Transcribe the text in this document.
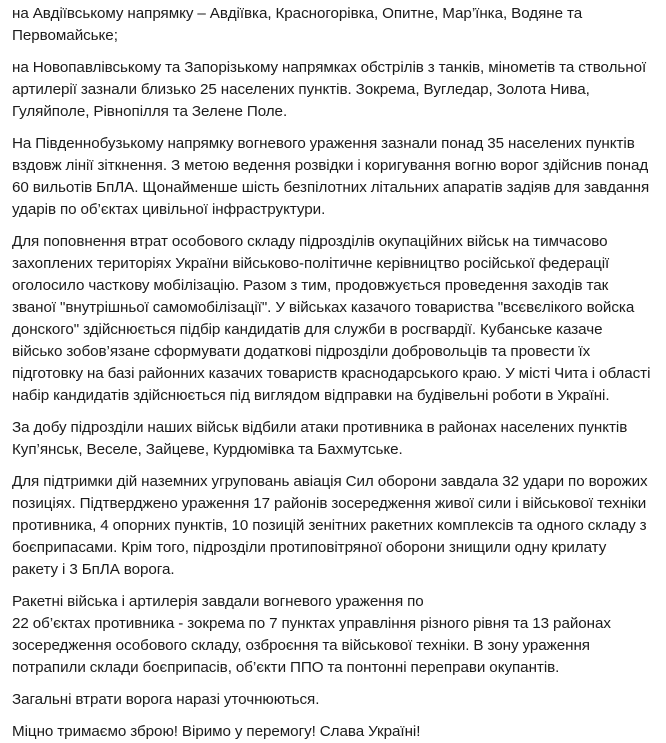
на Авдіївському напрямку – Авдіївка, Красногорівка, Опитне, Мар’їнка, Водяне та Первомайське;

на Новопавлівському та Запорізькому напрямках обстрілів з танків, мінометів та ствольної артилерії зазнали близько 25 населених пунктів. Зокрема, Вугледар, Золота Нива, Гуляйполе, Рівнопілля та Зелене Поле.

На Південнобузькому напрямку вогневого ураження зазнали понад 35 населених пунктів вздовж лінії зіткнення. З метою ведення розвідки і коригування вогню ворог здійснив понад 60 вильотів БпЛА. Щонайменше шість безпілотних літальних апаратів задіяв для завдання ударів по об’єктах цивільної інфраструктури.

Для поповнення втрат особового складу підрозділів окупаційних військ на тимчасово захоплених територіях України військово-політичне керівництво російської федерації оголосило часткову мобілізацію. Разом з тим, продовжується проведення заходів так званої "внутрішньої самомобілізації". У військах казачого товариства "всєвєлікого войска донского" здійснюється підбір кандидатів для служби в росгвардії. Кубанське казаче військо зобов’язане сформувати додаткові підрозділи добровольців та провести їх підготовку на базі районних казачих товариств краснодарського краю. У місті Чита і області набір кандидатів здійснюється під виглядом відправки на будівельні роботи в Україні.

За добу підрозділи наших військ відбили атаки противника в районах населених пунктів Куп’янськ, Веселе, Зайцеве, Курдюмівка та Бахмутське.

Для підтримки дій наземних угруповань авіація Сил оборони завдала 32 удари по ворожих позиціях. Підтверджено ураження 17 районів зосередження живої сили і військової техніки противника, 4 опорних пунктів, 10 позицій зенітних ракетних комплексів та одного складу з боєприпасами. Крім того, підрозділи протиповітряної оборони знищили одну крилату ракету і 3 БпЛА ворога.

Ракетні війська і артилерія завдали вогневого ураження по
22 об’єктах противника - зокрема по 7 пунктах управління різного рівня та 13 районах зосередження особового складу, озброєння та військової техніки. В зону ураження потрапили склади боєприпасів, об’єкти ППО та понтонні переправи окупантів.

Загальні втрати ворога наразі уточнюються.

Міцно тримаємо зброю! Віримо у перемогу! Слава Україні!
